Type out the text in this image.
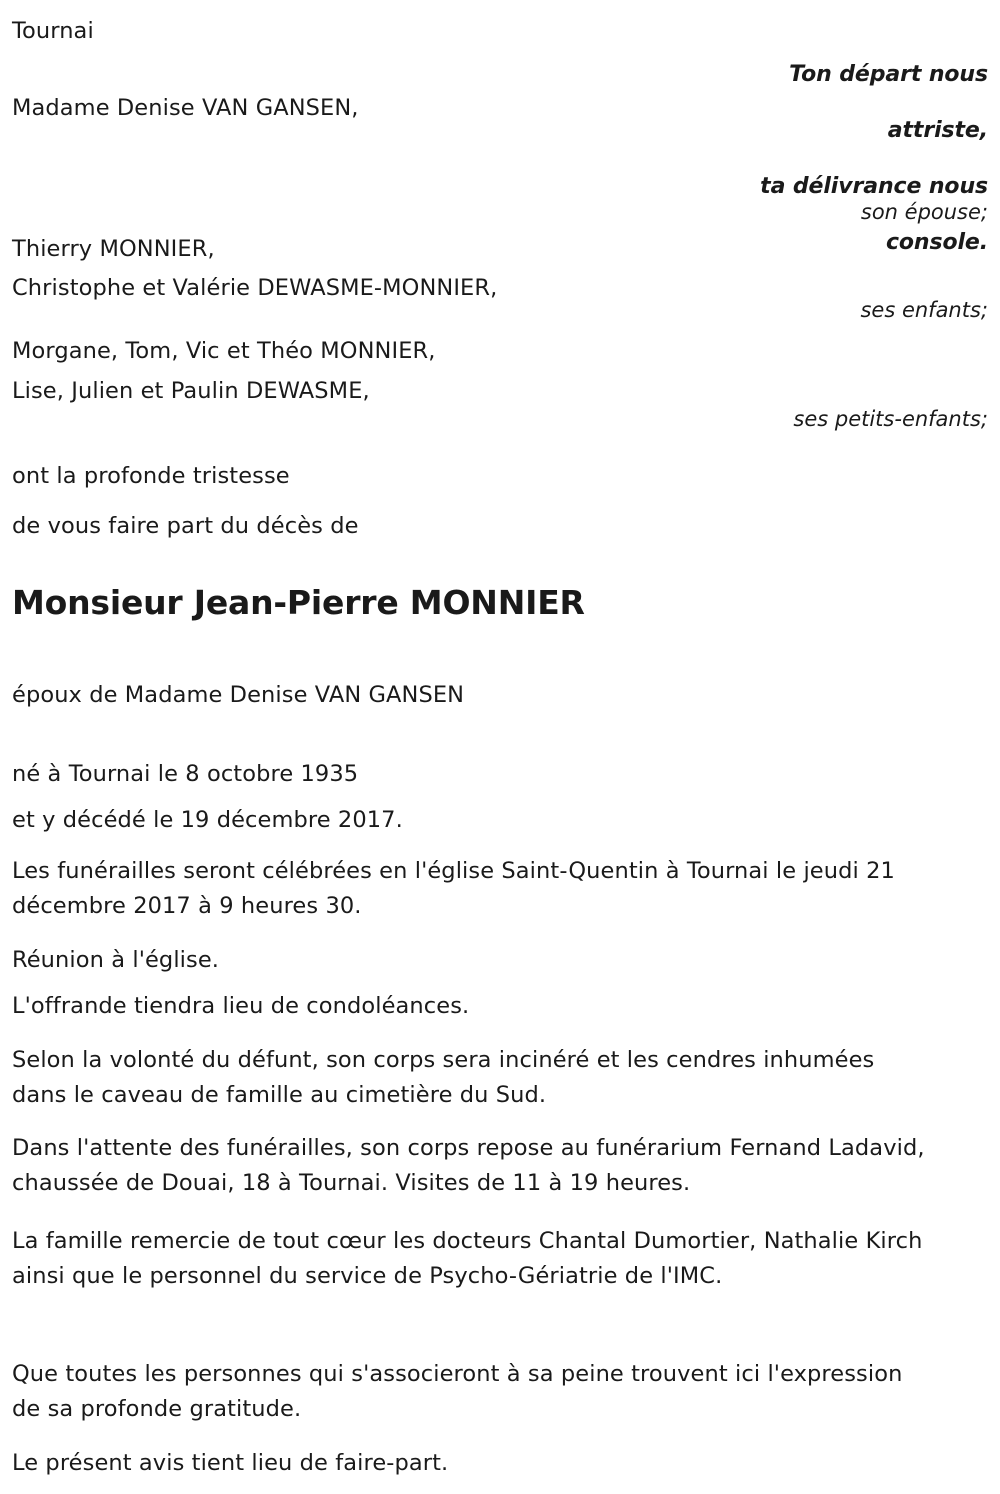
Tournai

Ton départ nous

attriste,

ta délivrance nous

console.

Madame Denise VAN GANSEN,

son épouse;

Thierry MONNIER,

Christophe et Valérie DEWASME-MONNIER,

ses enfants;

Morgane, Tom, Vic et Théo MONNIER,

Lise, Julien et Paulin DEWASME,

ses petits-enfants;

ont la profonde tristesse

de vous faire part du décès de

Monsieur Jean-Pierre MONNIER

époux de Madame Denise VAN GANSEN

né à Tournai le 8 octobre 1935

et y décédé le 19 décembre 2017.

Les funérailles seront célébrées en l'église Saint-Quentin à Tournai le jeudi 21 décembre 2017 à 9 heures 30.

Réunion à l'église.

L'offrande tiendra lieu de condoléances.

Selon la volonté du défunt, son corps sera incinéré et les cendres inhumées dans le caveau de famille au cimetière du Sud.

Dans l'attente des funérailles, son corps repose au funérarium Fernand Ladavid, chaussée de Douai, 18 à Tournai. Visites de 11 à 19 heures.

La famille remercie de tout cœur les docteurs Chantal Dumortier, Nathalie Kirch ainsi que le personnel du service de Psycho-Gériatrie de l'IMC.

Que toutes les personnes qui s'associeront à sa peine trouvent ici l'expression de sa profonde gratitude.

Le présent avis tient lieu de faire-part.
